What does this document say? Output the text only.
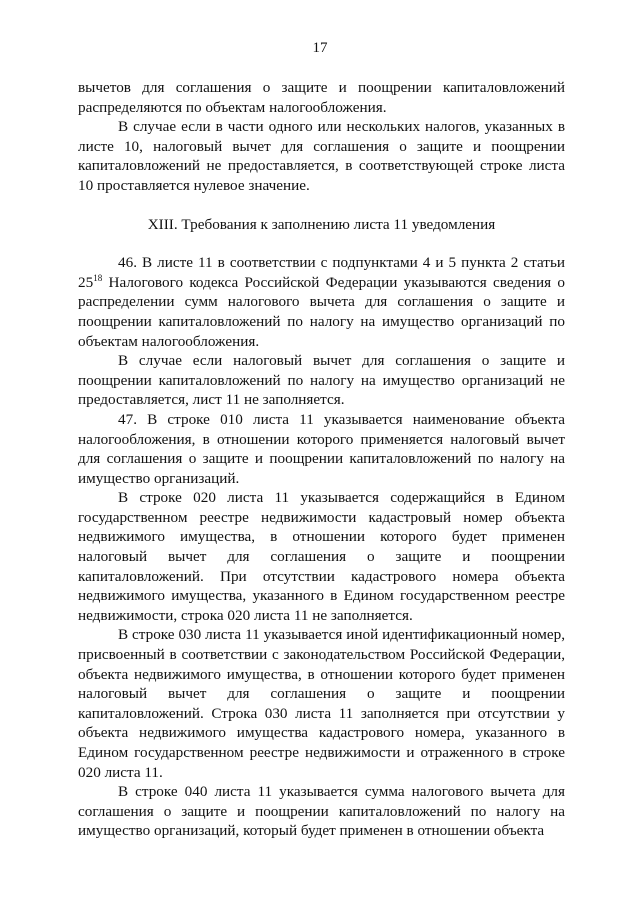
17

вычетов для соглашения о защите и поощрении капиталовложений распределяются по объектам налогообложения.

В случае если в части одного или нескольких налогов, указанных в листе 10, налоговый вычет для соглашения о защите и поощрении капиталовложений не предоставляется, в соответствующей строке листа 10 проставляется нулевое значение.

XIII. Требования к заполнению листа 11 уведомления

46. В листе 11 в соответствии с подпунктами 4 и 5 пункта 2 статьи $25^{18}$ Налогового кодекса Российской Федерации указываются сведения о распределении сумм налогового вычета для соглашения о защите и поощрении капиталовложений по налогу на имущество организаций по объектам налогообложения.

В случае если налоговый вычет для соглашения о защите и поощрении капиталовложений по налогу на имущество организаций не предоставляется, лист 11 не заполняется.

47. В строке 010 листа 11 указывается наименование объекта налогообложения, в отношении которого применяется налоговый вычет для соглашения о защите и поощрении капиталовложений по налогу на имущество организаций.

В строке 020 листа 11 указывается содержащийся в Едином государственном реестре недвижимости кадастровый номер объекта недвижимого имущества, в отношении которого будет применен налоговый вычет для соглашения о защите и поощрении капиталовложений. При отсутствии кадастрового номера объекта недвижимого имущества, указанного в Едином государственном реестре недвижимости, строка 020 листа 11 не заполняется.

В строке 030 листа 11 указывается иной идентификационный номер, присвоенный в соответствии с законодательством Российской Федерации, объекта недвижимого имущества, в отношении которого будет применен налоговый вычет для соглашения о защите и поощрении капиталовложений. Строка 030 листа 11 заполняется при отсутствии у объекта недвижимого имущества кадастрового номера, указанного в Едином государственном реестре недвижимости и отраженного в строке 020 листа 11.

В строке 040 листа 11 указывается сумма налогового вычета для соглашения о защите и поощрении капиталовложений по налогу на имущество организаций, который будет применен в отношении объекта
